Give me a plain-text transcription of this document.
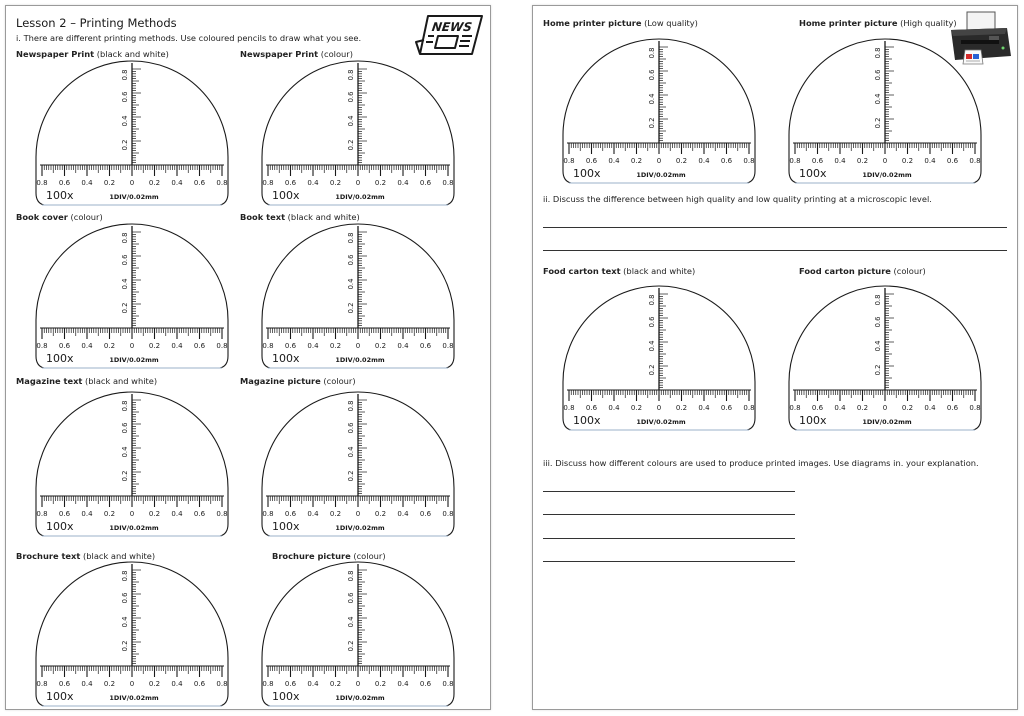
Lesson 2 – Printing Methods
i. There are different printing methods. Use coloured pencils to draw what you see.
NEWS
Newspaper Print (black and white)	Newspaper Print (colour)
0.8
0.6
0.4
0.2
0.8 0.6 0.4 0.2 0 0.2 0.4 0.6 0.8
100x	1DIV/0.02mm
0.8
0.6
0.4
0.2
0.8 0.6 0.4 0.2 0 0.2 0.4 0.6 0.8
100x	1DIV/0.02mm
Book cover (colour)	Book text (black and white)
0.8
0.6
0.4
0.2
0.8 0.6 0.4 0.2 0 0.2 0.4 0.6 0.8
100x	1DIV/0.02mm
0.8
0.6
0.4
0.2
0.8 0.6 0.4 0.2 0 0.2 0.4 0.6 0.8
100x	1DIV/0.02mm
Magazine text (black and white)	Magazine picture (colour)
0.8
0.6
0.4
0.2
0.8 0.6 0.4 0.2 0 0.2 0.4 0.6 0.8
100x	1DIV/0.02mm
0.8
0.6
0.4
0.2
0.8 0.6 0.4 0.2 0 0.2 0.4 0.6 0.8
100x	1DIV/0.02mm
Brochure text (black and white)	Brochure picture (colour)
0.8
0.6
0.4
0.2
0.8 0.6 0.4 0.2 0 0.2 0.4 0.6 0.8
100x	1DIV/0.02mm
0.8
0.6
0.4
0.2
0.8 0.6 0.4 0.2 0 0.2 0.4 0.6 0.8
100x	1DIV/0.02mm
Home printer picture (Low quality)	Home printer picture (High quality)
0.8
0.6
0.4
0.2
0.8 0.6 0.4 0.2 0 0.2 0.4 0.6 0.8
100x	1DIV/0.02mm
0.8
0.6
0.4
0.2
0.8 0.6 0.4 0.2 0 0.2 0.4 0.6 0.8
100x	1DIV/0.02mm
ii. Discuss the difference between high quality and low quality printing at a microscopic level.
Food carton text (black and white)	Food carton picture (colour)
0.8
0.6
0.4
0.2
0.8 0.6 0.4 0.2 0 0.2 0.4 0.6 0.8
100x	1DIV/0.02mm
0.8
0.6
0.4
0.2
0.8 0.6 0.4 0.2 0 0.2 0.4 0.6 0.8
100x	1DIV/0.02mm
iii. Discuss how different colours are used to produce printed images. Use diagrams in. your explanation.
